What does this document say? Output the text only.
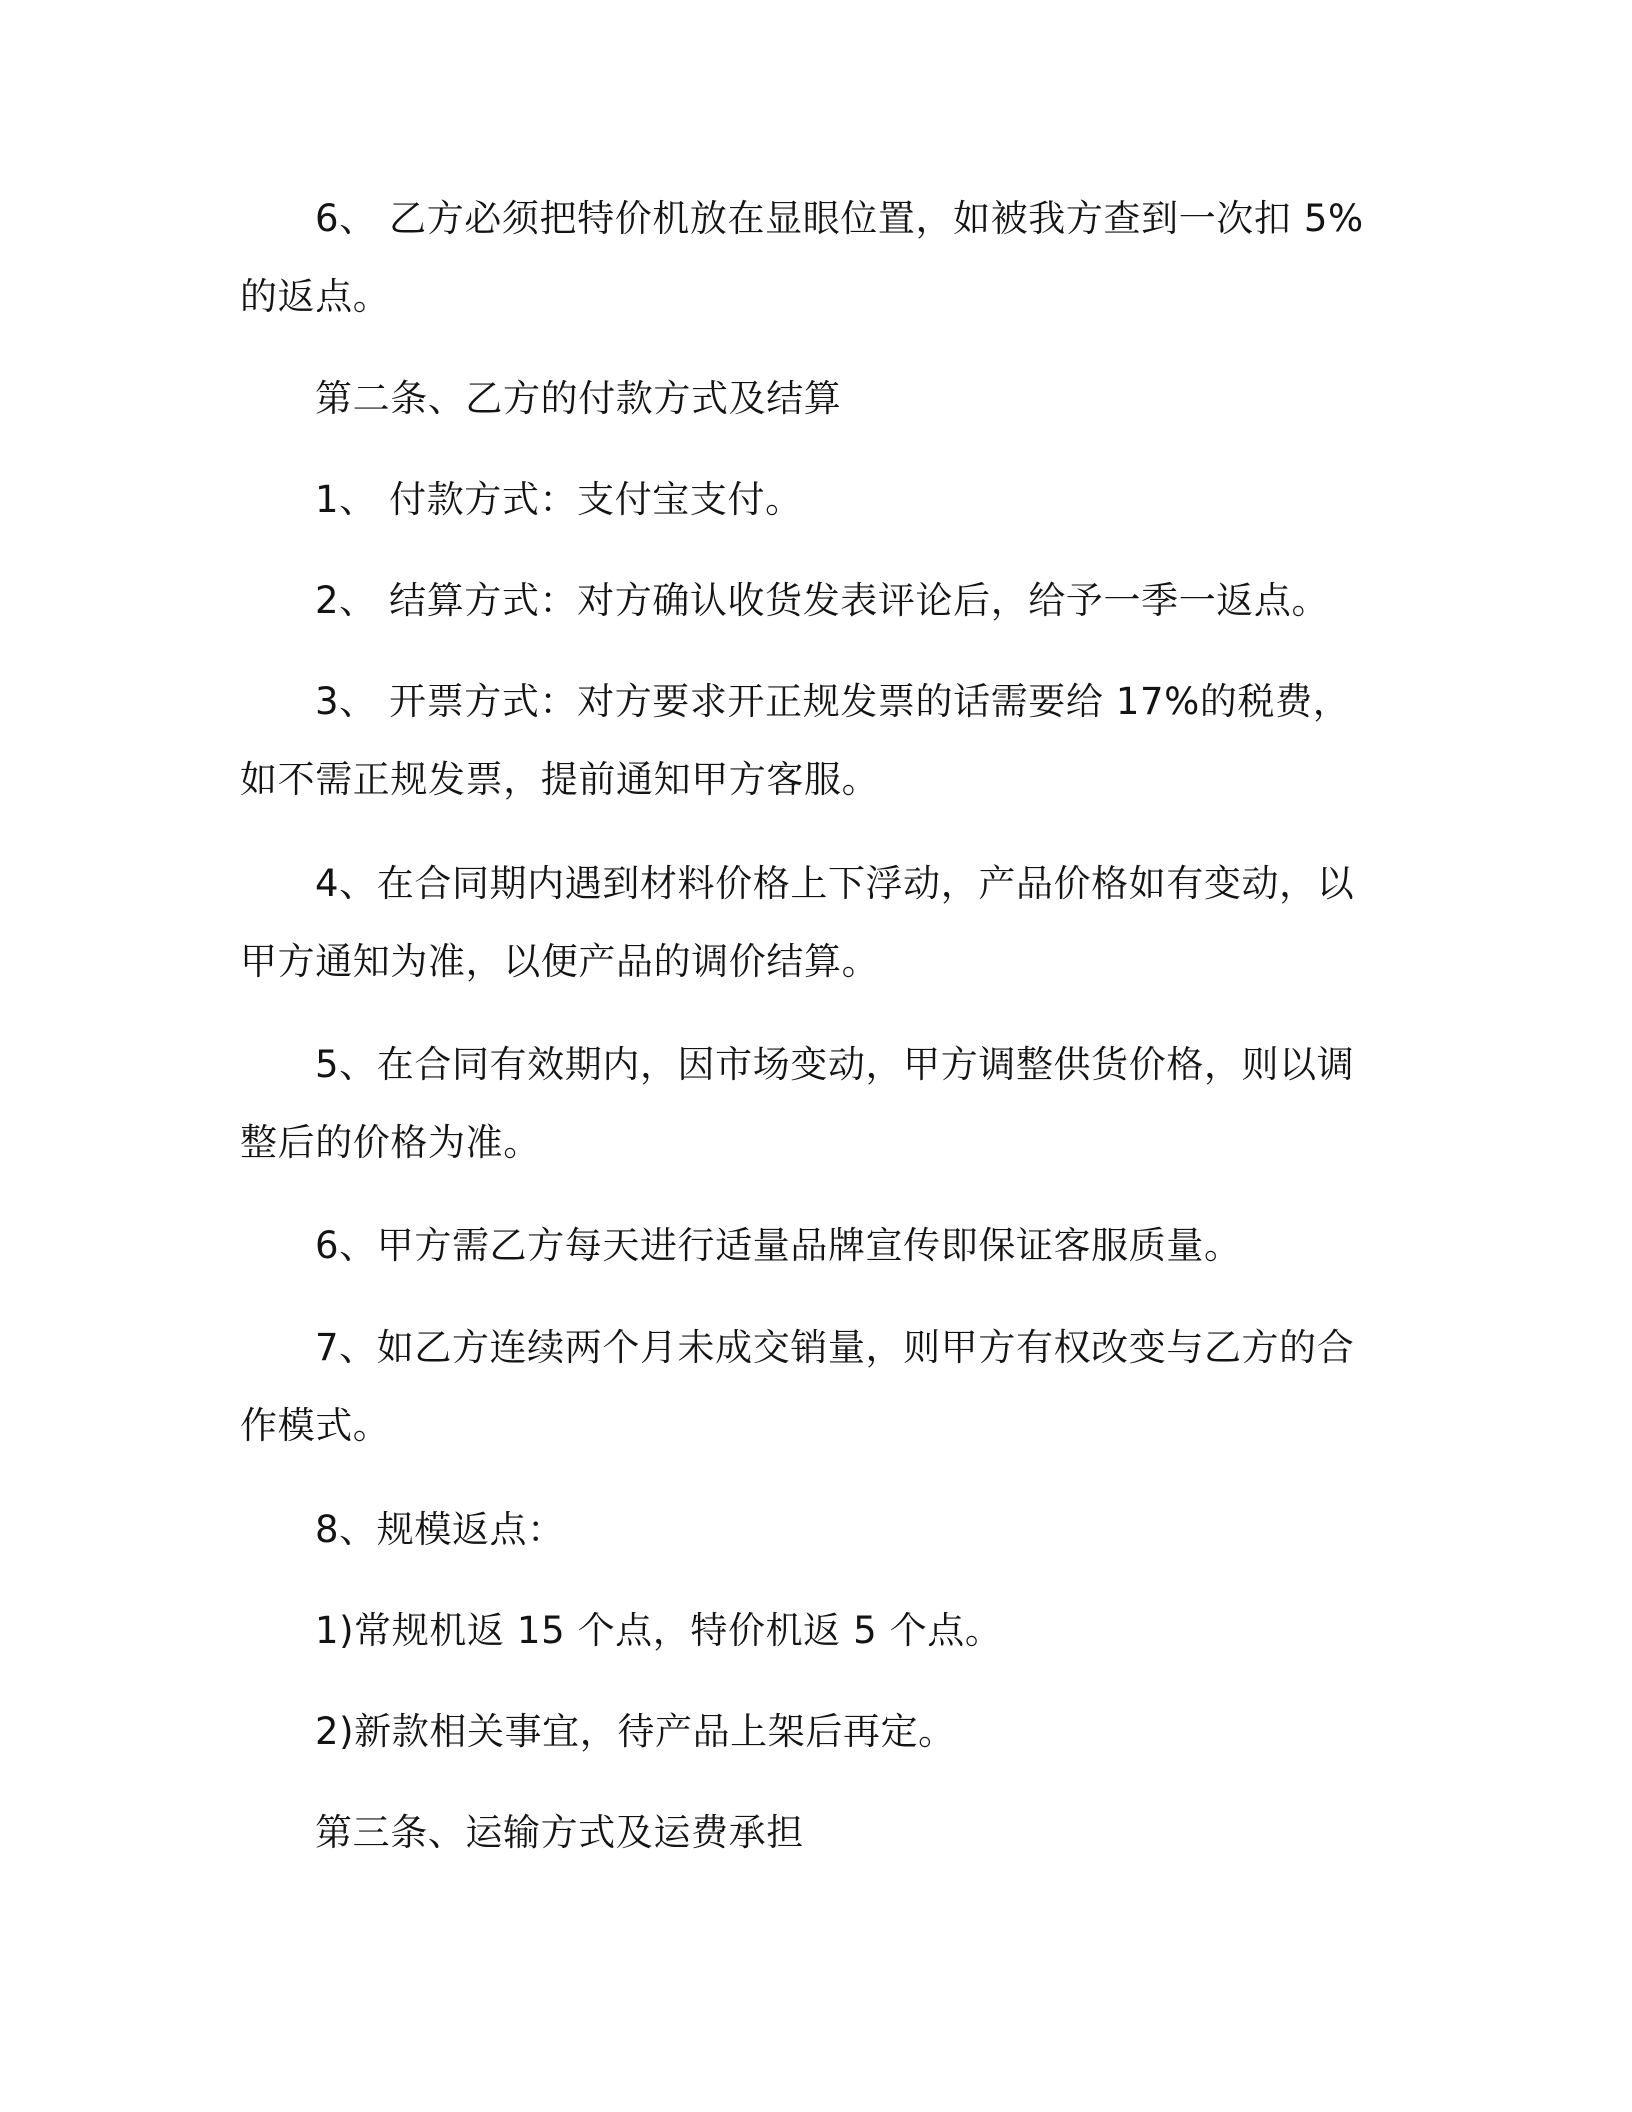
6、 乙方必须把特价机放在显眼位置，如被我方查到一次扣 5%的返点。

第二条、乙方的付款方式及结算

1、 付款方式：支付宝支付。

2、 结算方式：对方确认收货发表评论后，给予一季一返点。

3、 开票方式：对方要求开正规发票的话需要给 17%的税费，如不需正规发票，提前通知甲方客服。

4、在合同期内遇到材料价格上下浮动，产品价格如有变动，以甲方通知为准，以便产品的调价结算。

5、在合同有效期内，因市场变动，甲方调整供货价格，则以调整后的价格为准。

6、甲方需乙方每天进行适量品牌宣传即保证客服质量。

7、如乙方连续两个月未成交销量，则甲方有权改变与乙方的合作模式。

8、规模返点：

1)常规机返 15 个点，特价机返 5 个点。

2)新款相关事宜，待产品上架后再定。

第三条、运输方式及运费承担
